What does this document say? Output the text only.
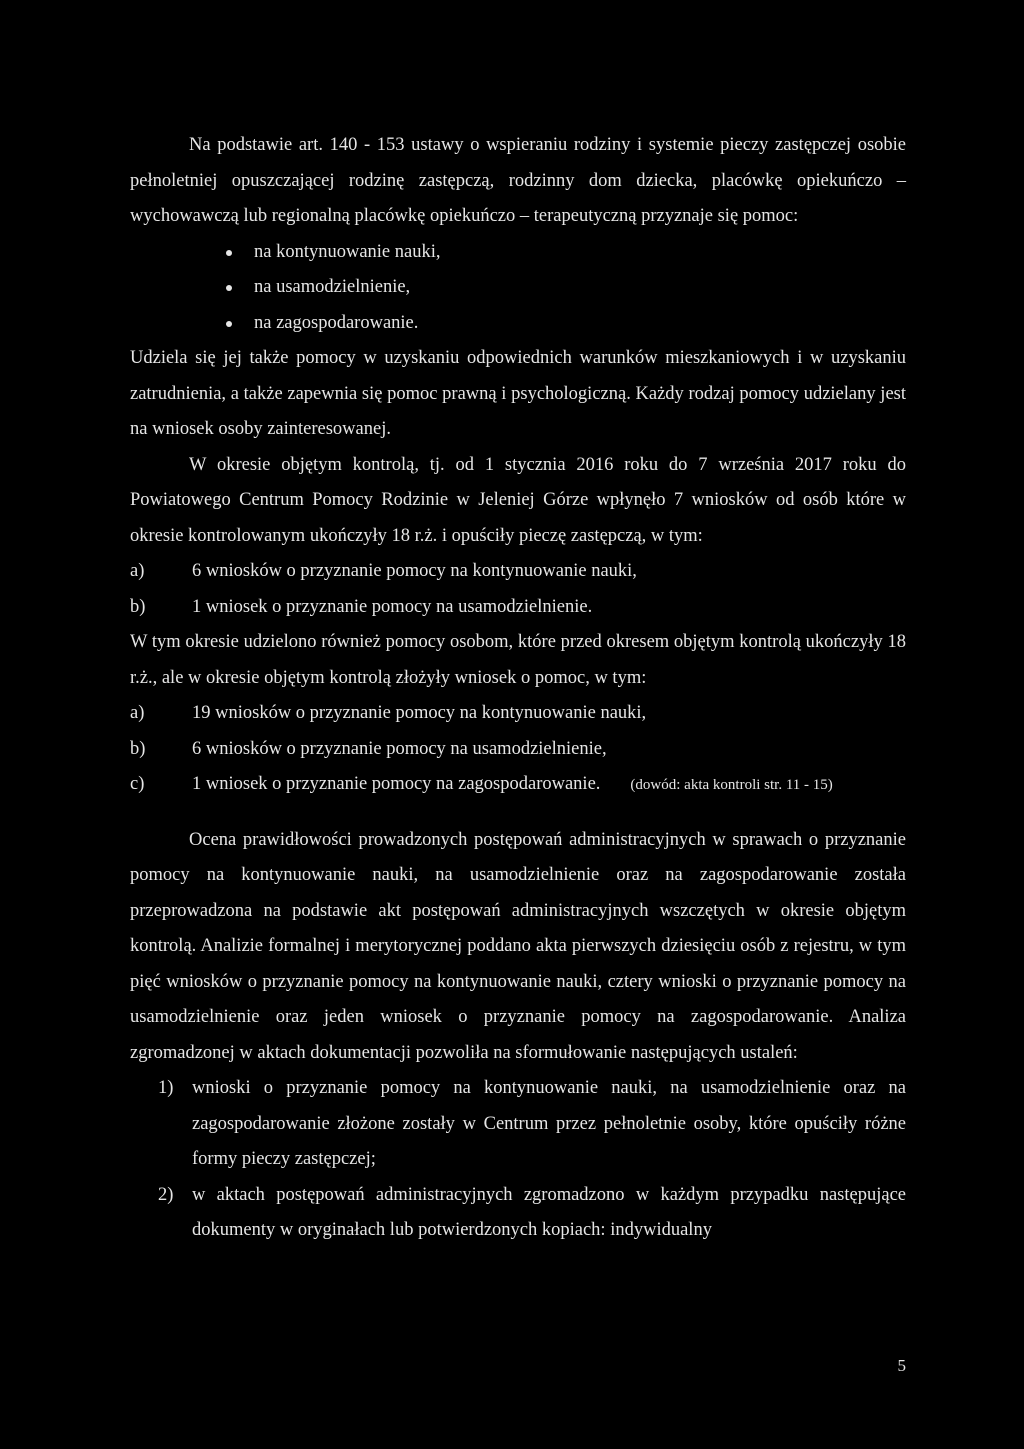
Na podstawie art. 140 - 153 ustawy o wspieraniu rodziny i systemie pieczy zastępczej osobie pełnoletniej opuszczającej rodzinę zastępczą, rodzinny dom dziecka, placówkę opiekuńczo – wychowawczą lub regionalną placówkę opiekuńczo – terapeutyczną przyznaje się pomoc:

na kontynuowanie nauki,
na usamodzielnienie,
na zagospodarowanie.

Udziela się jej także pomocy w uzyskaniu odpowiednich warunków mieszkaniowych i w uzyskaniu zatrudnienia, a także zapewnia się pomoc prawną i psychologiczną. Każdy rodzaj pomocy udzielany jest na wniosek osoby zainteresowanej.

W okresie objętym kontrolą, tj. od 1 stycznia 2016 roku do 7 września 2017 roku do Powiatowego Centrum Pomocy Rodzinie w Jeleniej Górze wpłynęło 7 wniosków od osób które w okresie kontrolowanym ukończyły 18 r.ż. i opuściły pieczę zastępczą, w tym:

a)	6 wniosków o przyznanie pomocy na kontynuowanie nauki,
b)	1 wniosek o przyznanie pomocy na usamodzielnienie.

W tym okresie udzielono również pomocy osobom, które przed okresem objętym kontrolą ukończyły 18 r.ż., ale w okresie objętym kontrolą złożyły wniosek o pomoc, w tym:

a)	19 wniosków o przyznanie pomocy na kontynuowanie nauki,
b)	6 wniosków o przyznanie pomocy na usamodzielnienie,
c)	1 wniosek o przyznanie pomocy na zagospodarowanie. (dowód: akta kontroli str. 11 - 15)

Ocena prawidłowości prowadzonych postępowań administracyjnych w sprawach o przyznanie pomocy na kontynuowanie nauki, na usamodzielnienie oraz na zagospodarowanie została przeprowadzona na podstawie akt postępowań administracyjnych wszczętych w okresie objętym kontrolą. Analizie formalnej i merytorycznej poddano akta pierwszych dziesięciu osób z rejestru, w tym pięć wniosków o przyznanie pomocy na kontynuowanie nauki, cztery wnioski o przyznanie pomocy na usamodzielnienie oraz jeden wniosek o przyznanie pomocy na zagospodarowanie. Analiza zgromadzonej w aktach dokumentacji pozwoliła na sformułowanie następujących ustaleń:

1) wnioski o przyznanie pomocy na kontynuowanie nauki, na usamodzielnienie oraz na zagospodarowanie złożone zostały w Centrum przez pełnoletnie osoby, które opuściły różne formy pieczy zastępczej;
2) w aktach postępowań administracyjnych zgromadzono w każdym przypadku następujące dokumenty w oryginałach lub potwierdzonych kopiach: indywidualny
5
